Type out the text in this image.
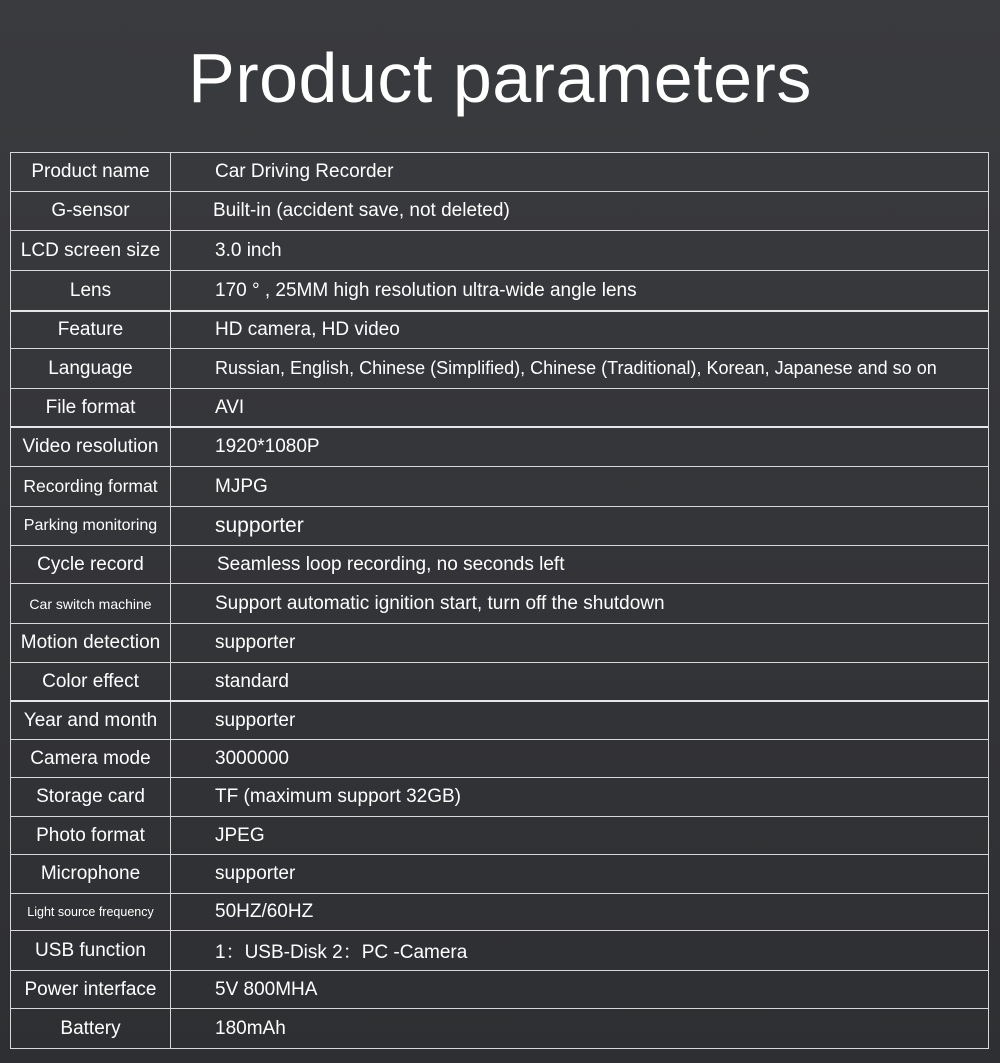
Product parameters
Product name	Car Driving Recorder
G-sensor	Built-in (accident save, not deleted)
LCD screen size	3.0 inch
Lens	170 ° , 25MM high resolution ultra-wide angle lens
Feature	HD camera, HD video
Language	Russian, English, Chinese (Simplified), Chinese (Traditional), Korean, Japanese and so on
File format	AVI
Video resolution	1920*1080P
Recording format	MJPG
Parking monitoring	supporter
Cycle record	Seamless loop recording, no seconds left
Car switch machine	Support automatic ignition start, turn off the shutdown
Motion detection	supporter
Color effect	standard
Year and month	supporter
Camera mode	3000000
Storage card	TF (maximum support 32GB)
Photo format	JPEG
Microphone	supporter
Light source frequency	50HZ/60HZ
USB function	1：USB-Disk 2：PC -Camera
Power interface	5V 800MHA
Battery	180mAh
